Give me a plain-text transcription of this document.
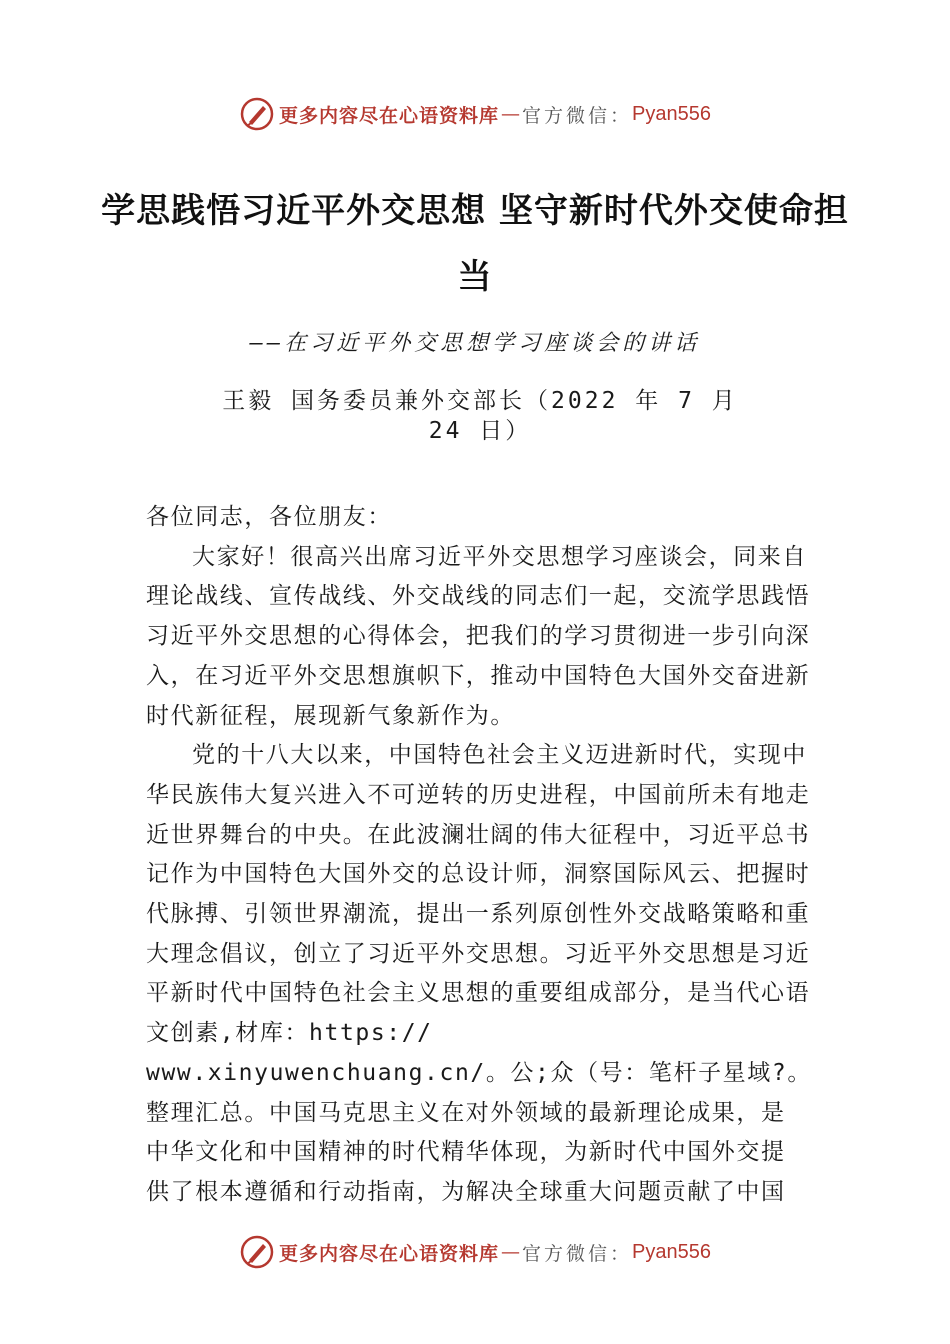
更多内容尽在心语资料库 — 官方微信： Pyan556
学思践悟习近平外交思想 坚守新时代外交使命担当
——在习近平外交思想学习座谈会的讲话
王毅 国务委员兼外交部长（2022 年 7 月 24 日）

各位同志，各位朋友：

大家好！很高兴出席习近平外交思想学习座谈会，同来自理论战线、宣传战线、外交战线的同志们一起，交流学思践悟习近平外交思想的心得体会，把我们的学习贯彻进一步引向深入，在习近平外交思想旗帜下，推动中国特色大国外交奋进新时代新征程，展现新气象新作为。

党的十八大以来，中国特色社会主义迈进新时代，实现中华民族伟大复兴进入不可逆转的历史进程，中国前所未有地走近世界舞台的中央。在此波澜壮阔的伟大征程中，习近平总书记作为中国特色大国外交的总设计师，洞察国际风云、把握时代脉搏、引领世界潮流，提出一系列原创性外交战略策略和重大理念倡议，创立了习近平外交思想。习近平外交思想是习近平新时代中国特色社会主义思想的重要组成部分，是当代心语文创素,材库：https://

www.xinyuwenchuang.cn/。公;众（号：笔杆子星域?。整理汇总。中国马克思主义在对外领域的最新理论成果，是 中华文化和中国精神的时代精华体现，为新时代中国外交提 供了根本遵循和行动指南，为解决全球重大问题贡献了中国

更多内容尽在心语资料库 — 官方微信： Pyan556
